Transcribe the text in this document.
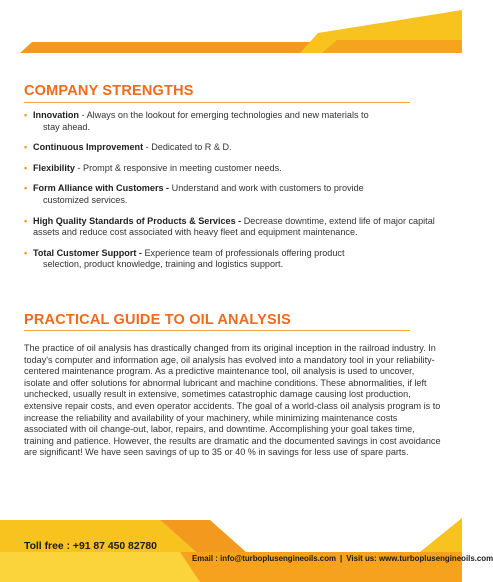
COMPANY STRENGTHS
• Innovation - Always on the lookout for emerging technologies and new materials to
stay ahead.
• Continuous Improvement - Dedicated to R & D.
• Flexibility - Prompt & responsive in meeting customer needs.
• Form Alliance with Customers - Understand and work with customers to provide
customized services.
• High Quality Standards of Products & Services - Decrease downtime, extend life of major capital assets and reduce cost associated with heavy fleet and equipment maintenance.
• Total Customer Support - Experience team of professionals offering product
selection, product knowledge, training and logistics support.
PRACTICAL GUIDE TO OIL ANALYSIS

The practice of oil analysis has drastically changed from its original inception in the railroad industry. In today's computer and information age, oil analysis has evolved into a mandatory tool in your reliability-centered maintenance program. As a predictive maintenance tool, oil analysis is used to uncover, isolate and offer solutions for abnormal lubricant and machine conditions. These abnormalities, if left unchecked, usually result in extensive, sometimes catastrophic damage causing lost production, extensive repair costs, and even operator accidents. The goal of a world-class oil analysis program is to increase the reliability and availability of your machinery, while minimizing maintenance costs associated with oil change-out, labor, repairs, and downtime. Accomplishing your goal takes time, training and patience. However, the results are dramatic and the documented savings in cost avoidance are significant! We have seen savings of up to 35 or 40 % in savings for less use of spare parts.

Toll free : +91 87 450 82780
Email : info@turboplusengineoils.com | Visit us: www.turboplusengineoils.com
